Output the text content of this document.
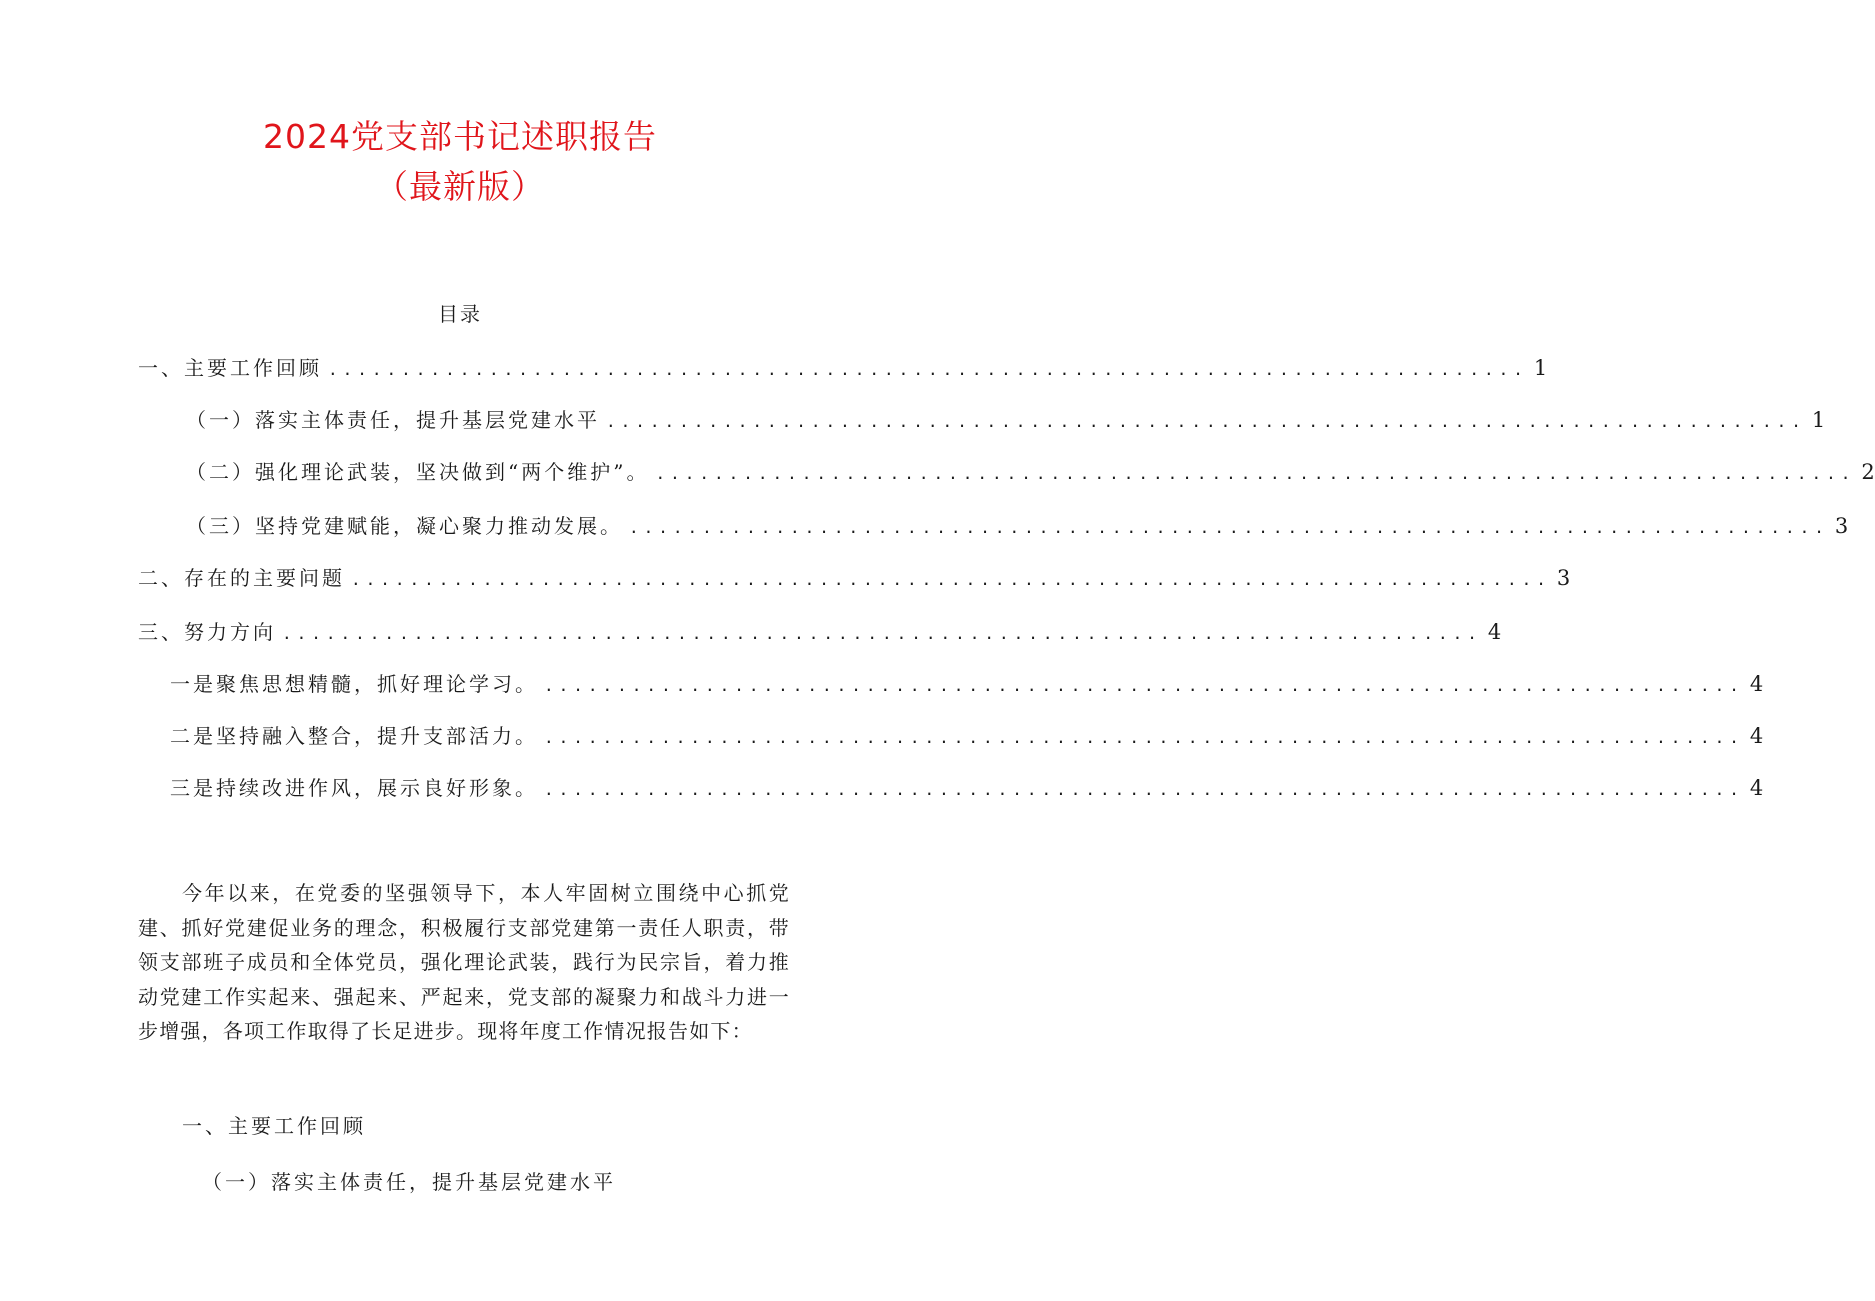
2024党支部书记述职报告
（最新版）
目录
一、主要工作回顾 .................................................................................. 1
（一）落实主体责任，提升基层党建水平 .................................................................................. 1
（二）强化理论武装，坚决做到“两个维护”。 .................................................................................. 2
（三）坚持党建赋能，凝心聚力推动发展。 .................................................................................. 3
二、存在的主要问题 .................................................................................. 3
三、努力方向 .................................................................................. 4
一是聚焦思想精髓，抓好理论学习。 .................................................................................. 4
二是坚持融入整合，提升支部活力。 .................................................................................. 4
三是持续改进作风，展示良好形象。 .................................................................................. 4

今年以来，在党委的坚强领导下，本人牢固树立围绕中心抓党建、抓好党建促业务的理念，积极履行支部党建第一责任人职责，带领支部班子成员和全体党员，强化理论武装，践行为民宗旨，着力推动党建工作实起来、强起来、严起来，党支部的凝聚力和战斗力进一步增强，各项工作取得了长足进步。现将年度工作情况报告如下：

一、主要工作回顾
（一）落实主体责任，提升基层党建水平
